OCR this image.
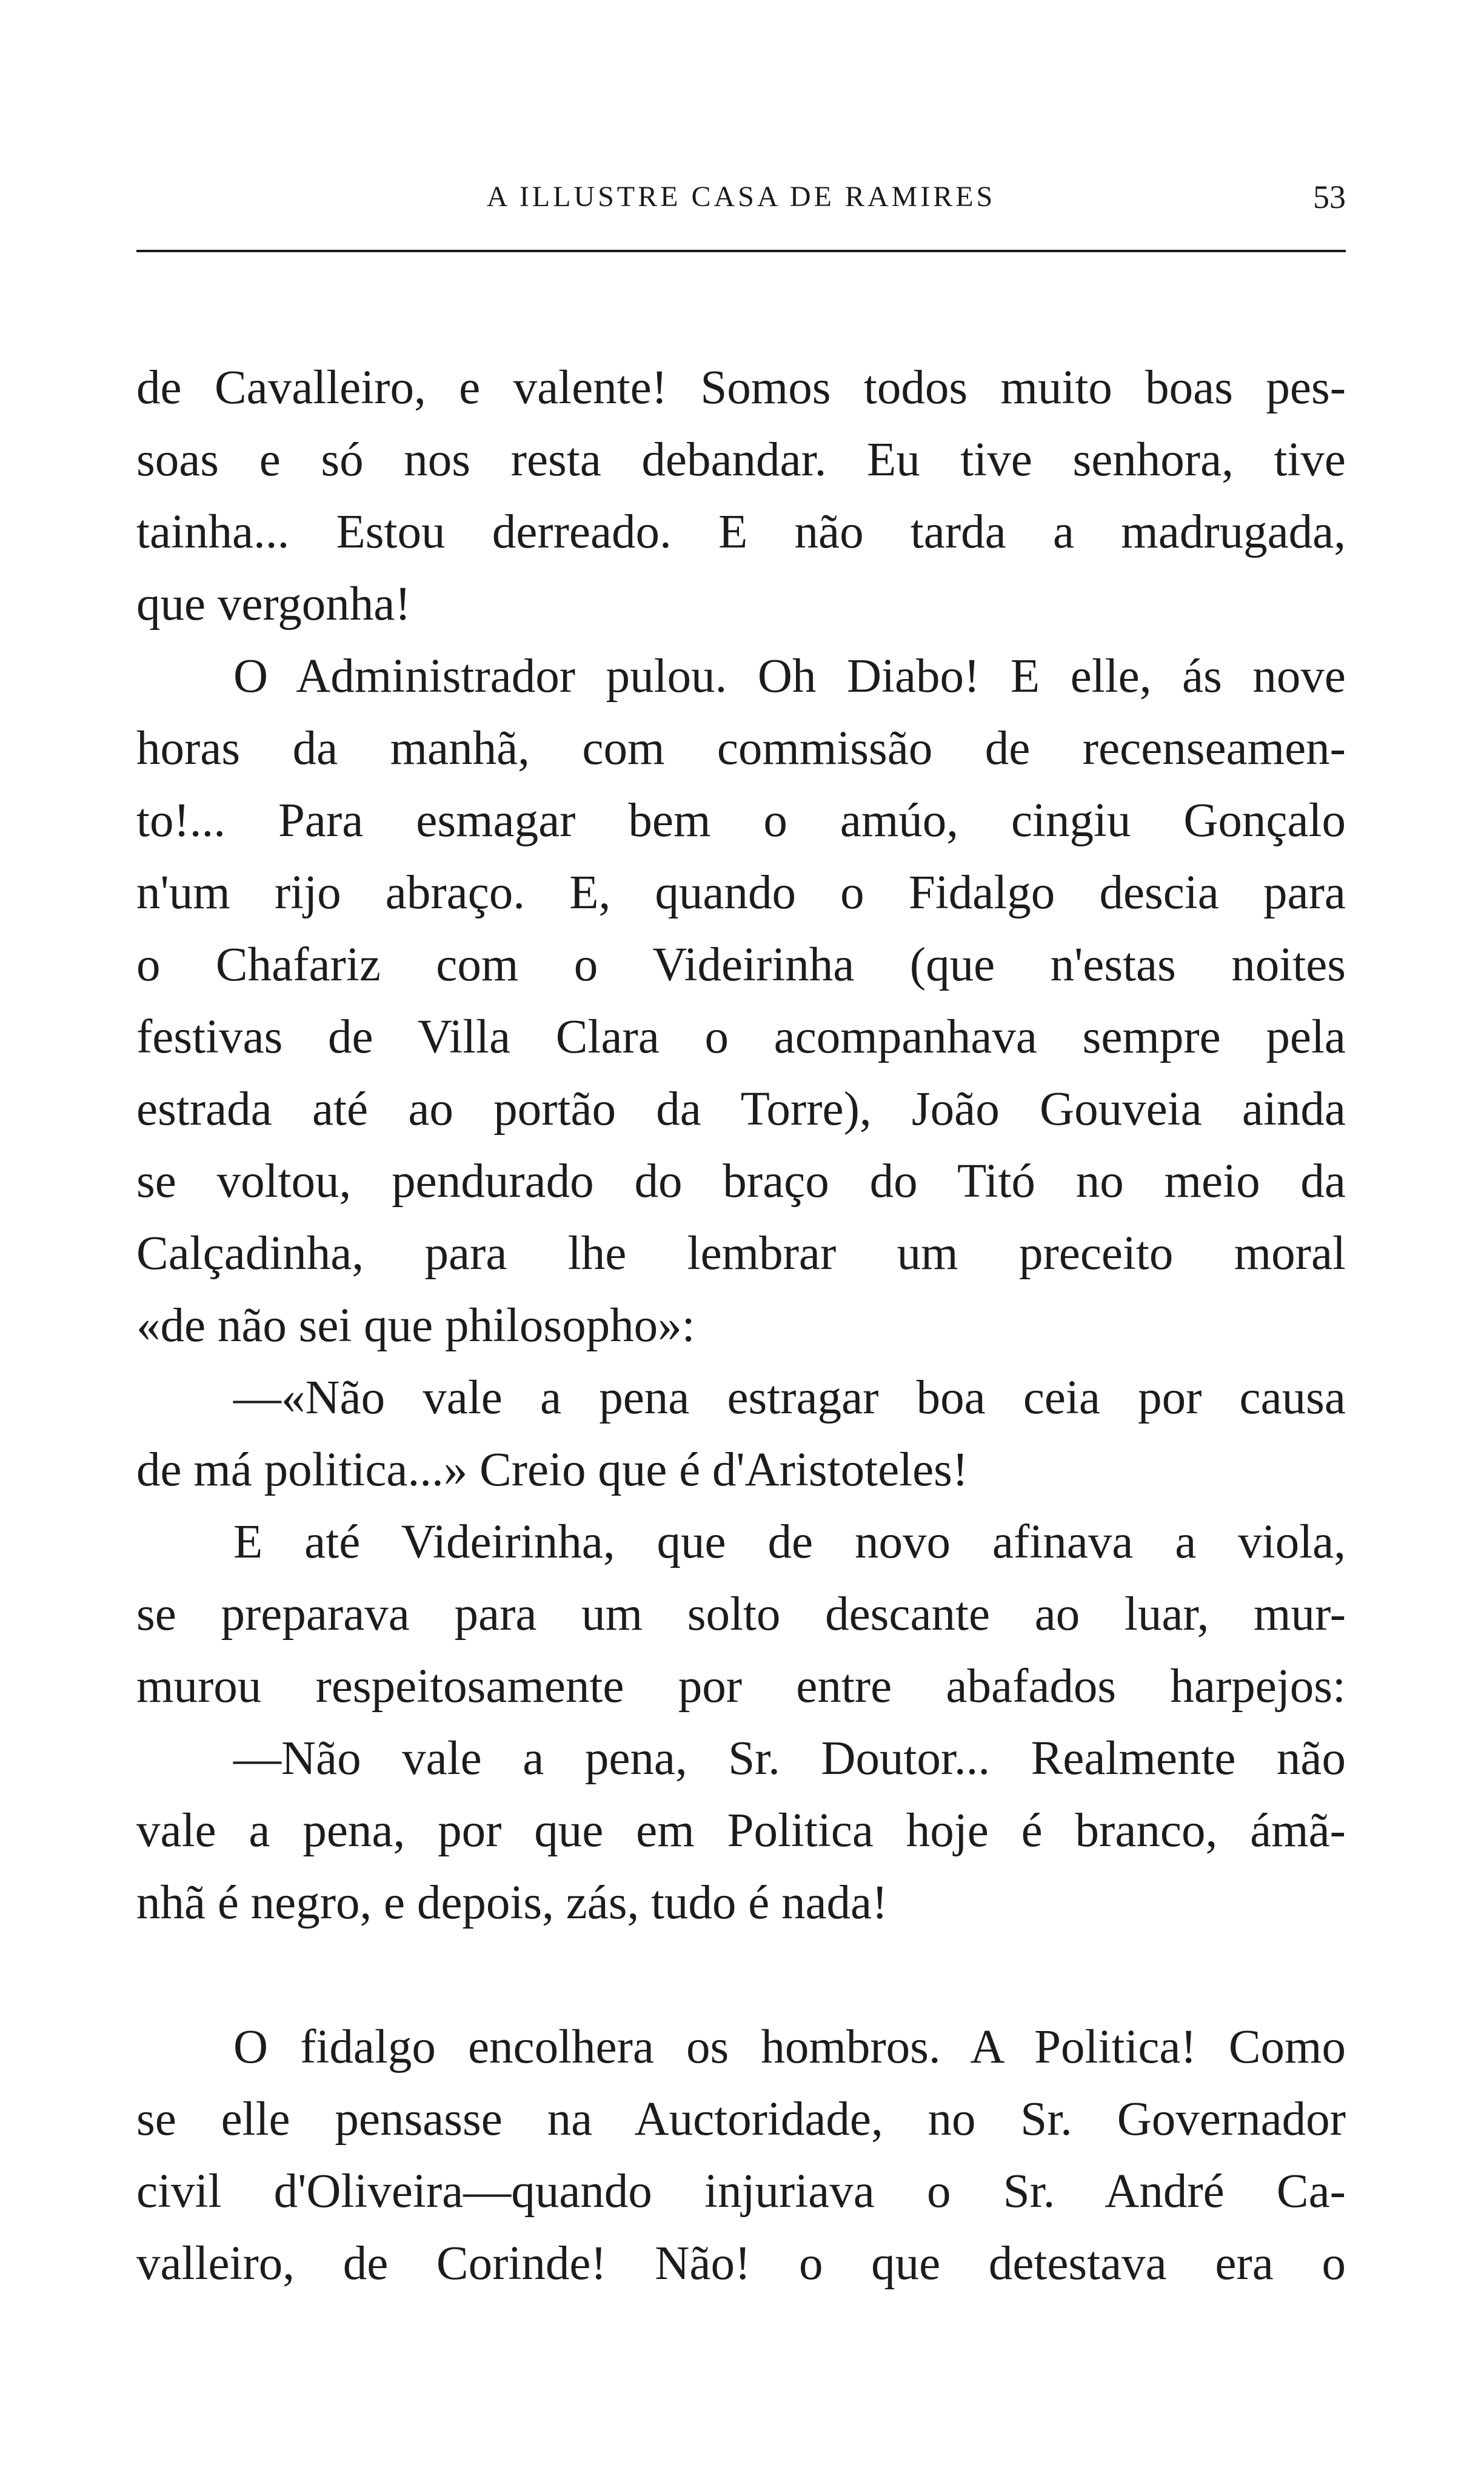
A ILLUSTRE CASA DE RAMIRES	53
de Cavalleiro, e valente! Somos todos muito boas pes-
soas e só nos resta debandar. Eu tive senhora, tive
tainha... Estou derreado. E não tarda a madrugada,
que vergonha!
O Administrador pulou. Oh Diabo! E elle, ás nove
horas da manhã, com commissão de recenseamen-
to!... Para esmagar bem o amúo, cingiu Gonçalo
n'um rijo abraço. E, quando o Fidalgo descia para
o Chafariz com o Videirinha (que n'estas noites
festivas de Villa Clara o acompanhava sempre pela
estrada até ao portão da Torre), João Gouveia ainda
se voltou, pendurado do braço do Titó no meio da
Calçadinha, para lhe lembrar um preceito moral
«de não sei que philosopho»:
—«Não vale a pena estragar boa ceia por causa
de má politica...» Creio que é d'Aristoteles!
E até Videirinha, que de novo afinava a viola,
se preparava para um solto descante ao luar, mur-
murou respeitosamente por entre abafados harpejos:
—Não vale a pena, Sr. Doutor... Realmente não
vale a pena, por que em Politica hoje é branco, ámã-
nhã é negro, e depois, zás, tudo é nada!
O fidalgo encolhera os hombros. A Politica! Como
se elle pensasse na Auctoridade, no Sr. Governador
civil d'Oliveira—quando injuriava o Sr. André Ca-
valleiro, de Corinde! Não! o que detestava era o
